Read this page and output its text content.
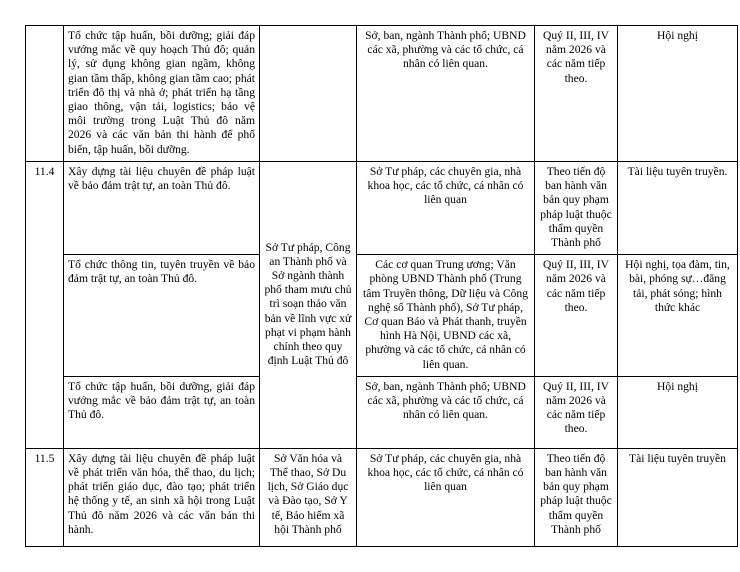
	Tổ chức tập huấn, bồi dưỡng; giải đáp vướng mắc về quy hoạch Thủ đô; quản lý, sử dụng không gian ngầm, không gian tầm thấp, không gian tầm cao; phát triển đô thị và nhà ở; phát triển hạ tầng giao thông, vận tải, logistics; bảo vệ môi trường trong Luật Thủ đô năm 2026 và các văn bản thi hành để phổ biến, tập huấn, bồi dưỡng.		Sở, ban, ngành Thành phố; UBND các xã, phường và các tổ chức, cá nhân có liên quan.	Quý II, III, IV năm 2026 và các năm tiếp theo.	Hội nghị
11.4	Xây dựng tài liệu chuyên đề pháp luật về bảo đảm trật tự, an toàn Thủ đô.	Sở Tư pháp, Công an Thành phố và Sở ngành thành phố tham mưu chủ trì soạn thảo văn bản về lĩnh vực xử phạt vi phạm hành chính theo quy định Luật Thủ đô	Sở Tư pháp, các chuyên gia, nhà khoa học, các tổ chức, cá nhân có liên quan	Theo tiến độ ban hành văn bản quy phạm pháp luật thuộc thẩm quyền Thành phố	Tài liệu tuyên truyền.
	Tổ chức thông tin, tuyên truyền về bảo đảm trật tự, an toàn Thủ đô.		Các cơ quan Trung ương; Văn phòng UBND Thành phố (Trung tâm Truyền thông, Dữ liệu và Công nghệ số Thành phố), Sở Tư pháp, Cơ quan Báo và Phát thanh, truyền hình Hà Nội, UBND các xã, phường và các tổ chức, cá nhân có liên quan.	Quý II, III, IV năm 2026 và các năm tiếp theo.	Hội nghị, tọa đàm, tin, bài, phóng sự…đăng tải, phát sóng; hình thức khác
	Tổ chức tập huấn, bồi dưỡng, giải đáp vướng mắc về bảo đảm trật tự, an toàn Thủ đô.		Sở, ban, ngành Thành phố; UBND các xã, phường và các tổ chức, cá nhân có liên quan.	Quý II, III, IV năm 2026 và các năm tiếp theo.	Hội nghị
11.5	Xây dựng tài liệu chuyên đề pháp luật về phát triển văn hóa, thể thao, du lịch; phát triển giáo dục, đào tạo; phát triển hệ thống y tế, an sinh xã hội trong Luật Thủ đô năm 2026 và các văn bản thi hành.	Sở Văn hóa và Thể thao, Sở Du lịch, Sở Giáo dục và Đào tạo, Sở Y tế, Bảo hiểm xã hội Thành phố	Sở Tư pháp, các chuyên gia, nhà khoa học, các tổ chức, cá nhân có liên quan	Theo tiến độ ban hành văn bản quy phạm pháp luật thuộc thẩm quyền Thành phố	Tài liệu tuyên truyền
